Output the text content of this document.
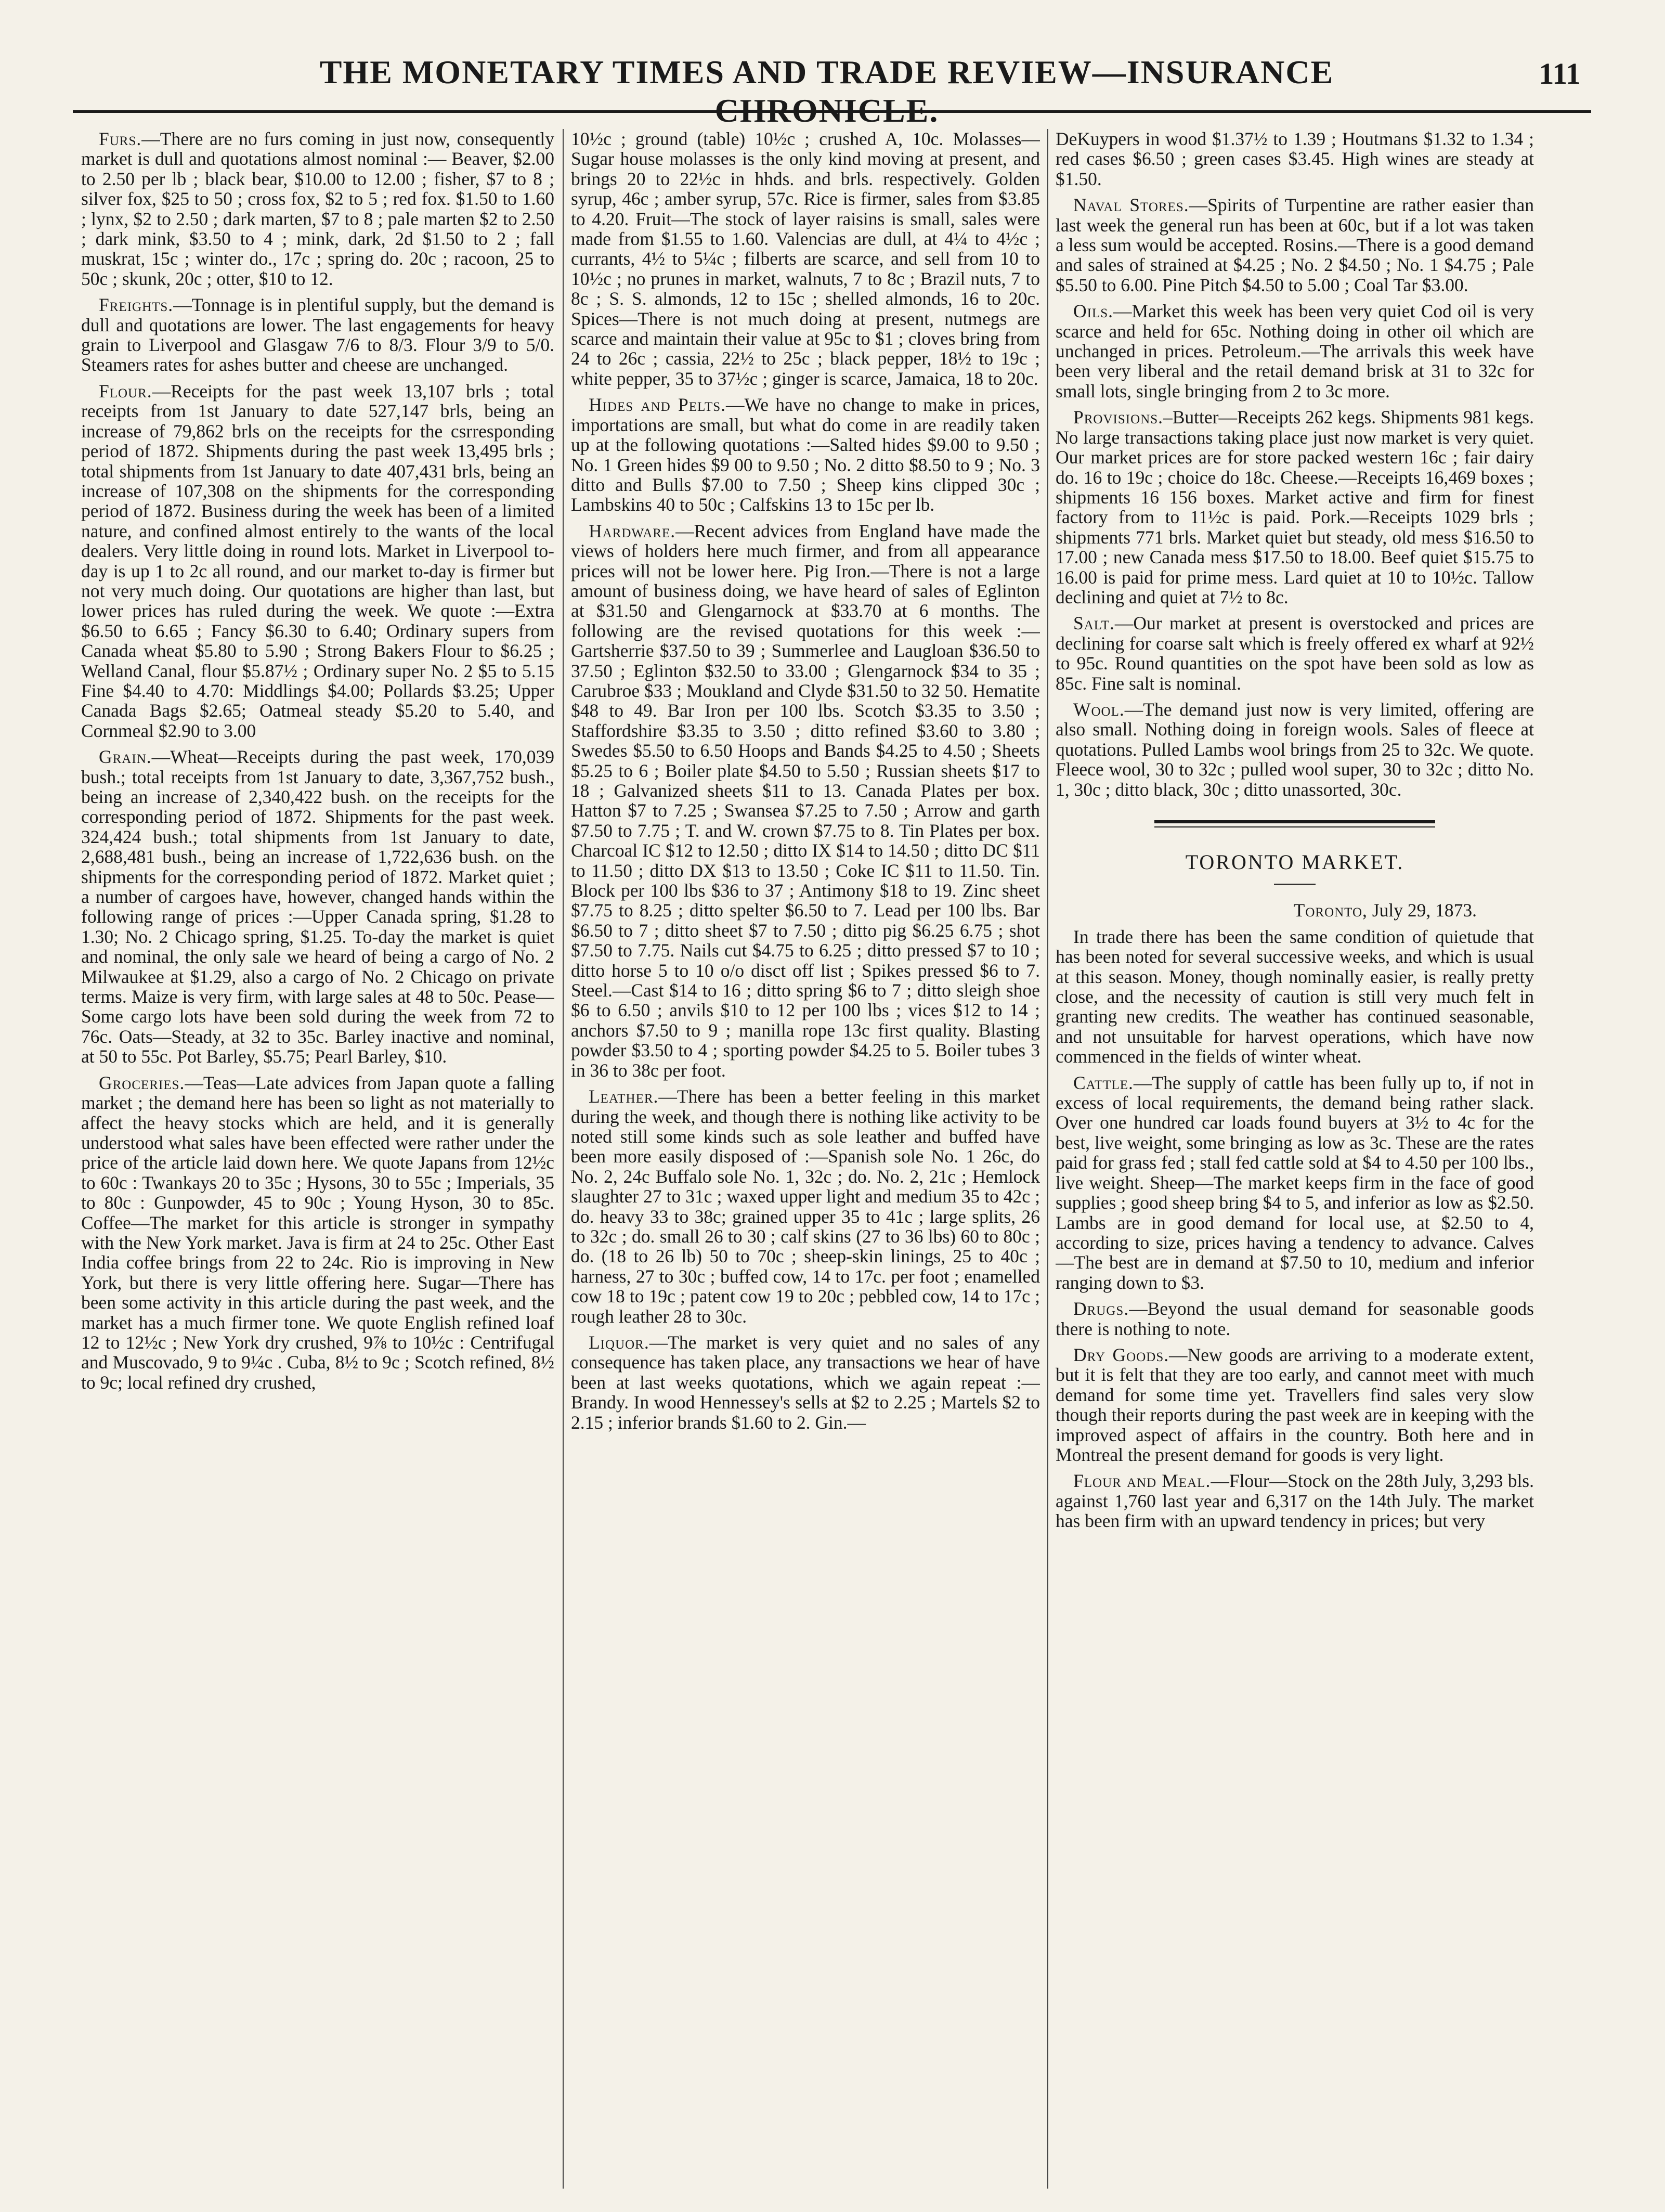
THE MONETARY TIMES AND TRADE REVIEW—INSURANCE CHRONICLE.
111

Furs.—There are no furs coming in just now, consequently market is dull and quotations almost nominal :— Beaver, $2.00 to 2.50 per lb ; black bear, $10.00 to 12.00 ; fisher, $7 to 8 ; silver fox, $25 to 50 ; cross fox, $2 to 5 ; red fox. $1.50 to 1.60 ; lynx, $2 to 2.50 ; dark marten, $7 to 8 ; pale marten $2 to 2.50 ; dark mink, $3.50 to 4 ; mink, dark, 2d $1.50 to 2 ; fall muskrat, 15c ; winter do., 17c ; spring do. 20c ; racoon, 25 to 50c ; skunk, 20c ; otter, $10 to 12.

Freights.—Tonnage is in plentiful supply, but the demand is dull and quotations are lower. The last engagements for heavy grain to Liverpool and Glasgaw 7/6 to 8/3. Flour 3/9 to 5/0. Steamers rates for ashes butter and cheese are unchanged.

Flour.—Receipts for the past week 13,107 brls ; total receipts from 1st January to date 527,147 brls, being an increase of 79,862 brls on the receipts for the csrresponding period of 1872. Shipments during the past week 13,495 brls ; total shipments from 1st January to date 407,431 brls, being an increase of 107,308 on the shipments for the corresponding period of 1872. Business during the week has been of a limited nature, and confined almost entirely to the wants of the local dealers. Very little doing in round lots. Market in Liverpool to-day is up 1 to 2c all round, and our market to-day is firmer but not very much doing. Our quotations are higher than last, but lower prices has ruled during the week. We quote :—Extra $6.50 to 6.65 ; Fancy $6.30 to 6.40; Ordinary supers from Canada wheat $5.80 to 5.90 ; Strong Bakers Flour to $6.25 ; Welland Canal, flour $5.87½ ; Ordinary super No. 2 $5 to 5.15 Fine $4.40 to 4.70: Middlings $4.00; Pollards $3.25; Upper Canada Bags $2.65; Oatmeal steady $5.20 to 5.40, and Cornmeal $2.90 to 3.00

Grain.—Wheat—Receipts during the past week, 170,039 bush.; total receipts from 1st January to date, 3,367,752 bush., being an increase of 2,340,422 bush. on the receipts for the corresponding period of 1872. Shipments for the past week. 324,424 bush.; total shipments from 1st January to date, 2,688,481 bush., being an increase of 1,722,636 bush. on the shipments for the corresponding period of 1872. Market quiet ; a number of cargoes have, however, changed hands within the following range of prices :—Upper Canada spring, $1.28 to 1.30; No. 2 Chicago spring, $1.25. To-day the market is quiet and nominal, the only sale we heard of being a cargo of No. 2 Milwaukee at $1.29, also a cargo of No. 2 Chicago on private terms. Maize is very firm, with large sales at 48 to 50c. Pease—Some cargo lots have been sold during the week from 72 to 76c. Oats—Steady, at 32 to 35c. Barley inactive and nominal, at 50 to 55c. Pot Barley, $5.75; Pearl Barley, $10.

Groceries.—Teas—Late advices from Japan quote a falling market ; the demand here has been so light as not materially to affect the heavy stocks which are held, and it is generally understood what sales have been effected were rather under the price of the article laid down here. We quote Japans from 12½c to 60c : Twankays 20 to 35c ; Hysons, 30 to 55c ; Imperials, 35 to 80c : Gunpowder, 45 to 90c ; Young Hyson, 30 to 85c. Coffee—The market for this article is stronger in sympathy with the New York market. Java is firm at 24 to 25c. Other East India coffee brings from 22 to 24c. Rio is improving in New York, but there is very little offering here. Sugar—There has been some activity in this article during the past week, and the market has a much firmer tone. We quote English refined loaf 12 to 12½c ; New York dry crushed, 9⅞ to 10½c : Centrifugal and Muscovado, 9 to 9¼c . Cuba, 8½ to 9c ; Scotch refined, 8½ to 9c; local refined dry crushed,

10½c ; ground (table) 10½c ; crushed A, 10c. Molasses—Sugar house molasses is the only kind moving at present, and brings 20 to 22½c in hhds. and brls. respectively. Golden syrup, 46c ; amber syrup, 57c. Rice is firmer, sales from $3.85 to 4.20. Fruit—The stock of layer raisins is small, sales were made from $1.55 to 1.60. Valencias are dull, at 4¼ to 4½c ; currants, 4½ to 5¼c ; filberts are scarce, and sell from 10 to 10½c ; no prunes in market, walnuts, 7 to 8c ; Brazil nuts, 7 to 8c ; S. S. almonds, 12 to 15c ; shelled almonds, 16 to 20c. Spices—There is not much doing at present, nutmegs are scarce and maintain their value at 95c to $1 ; cloves bring from 24 to 26c ; cassia, 22½ to 25c ; black pepper, 18½ to 19c ; white pepper, 35 to 37½c ; ginger is scarce, Jamaica, 18 to 20c.

Hides and Pelts.—We have no change to make in prices, importations are small, but what do come in are readily taken up at the following quotations :—Salted hides $9.00 to 9.50 ; No. 1 Green hides $9 00 to 9.50 ; No. 2 ditto $8.50 to 9 ; No. 3 ditto and Bulls $7.00 to 7.50 ; Sheep kins clipped 30c ; Lambskins 40 to 50c ; Calfskins 13 to 15c per lb.

Hardware.—Recent advices from England have made the views of holders here much firmer, and from all appearance prices will not be lower here. Pig Iron.—There is not a large amount of business doing, we have heard of sales of Eglinton at $31.50 and Glengarnock at $33.70 at 6 months. The following are the revised quotations for this week :—Gartsherrie $37.50 to 39 ; Summerlee and Laugloan $36.50 to 37.50 ; Eglinton $32.50 to 33.00 ; Glengarnock $34 to 35 ; Carubroe $33 ; Moukland and Clyde $31.50 to 32 50. Hematite $48 to 49. Bar Iron per 100 lbs. Scotch $3.35 to 3.50 ; Staffordshire $3.35 to 3.50 ; ditto refined $3.60 to 3.80 ; Swedes $5.50 to 6.50 Hoops and Bands $4.25 to 4.50 ; Sheets $5.25 to 6 ; Boiler plate $4.50 to 5.50 ; Russian sheets $17 to 18 ; Galvanized sheets $11 to 13. Canada Plates per box. Hatton $7 to 7.25 ; Swansea $7.25 to 7.50 ; Arrow and garth $7.50 to 7.75 ; T. and W. crown $7.75 to 8. Tin Plates per box. Charcoal IC $12 to 12.50 ; ditto IX $14 to 14.50 ; ditto DC $11 to 11.50 ; ditto DX $13 to 13.50 ; Coke IC $11 to 11.50. Tin. Block per 100 lbs $36 to 37 ; Antimony $18 to 19. Zinc sheet $7.75 to 8.25 ; ditto spelter $6.50 to 7. Lead per 100 lbs. Bar $6.50 to 7 ; ditto sheet $7 to 7.50 ; ditto pig $6.25 6.75 ; shot $7.50 to 7.75. Nails cut $4.75 to 6.25 ; ditto pressed $7 to 10 ; ditto horse 5 to 10 o/o disct off list ; Spikes pressed $6 to 7. Steel.—Cast $14 to 16 ; ditto spring $6 to 7 ; ditto sleigh shoe $6 to 6.50 ; anvils $10 to 12 per 100 lbs ; vices $12 to 14 ; anchors $7.50 to 9 ; manilla rope 13c first quality. Blasting powder $3.50 to 4 ; sporting powder $4.25 to 5. Boiler tubes 3 in 36 to 38c per foot.

Leather.—There has been a better feeling in this market during the week, and though there is nothing like activity to be noted still some kinds such as sole leather and buffed have been more easily disposed of :—Spanish sole No. 1 26c, do No. 2, 24c Buffalo sole No. 1, 32c ; do. No. 2, 21c ; Hemlock slaughter 27 to 31c ; waxed upper light and medium 35 to 42c ; do. heavy 33 to 38c; grained upper 35 to 41c ; large splits, 26 to 32c ; do. small 26 to 30 ; calf skins (27 to 36 lbs) 60 to 80c ; do. (18 to 26 lb) 50 to 70c ; sheep-skin linings, 25 to 40c ; harness, 27 to 30c ; buffed cow, 14 to 17c. per foot ; enamelled cow 18 to 19c ; patent cow 19 to 20c ; pebbled cow, 14 to 17c ; rough leather 28 to 30c.

Liquor.—The market is very quiet and no sales of any consequence has taken place, any transactions we hear of have been at last weeks quotations, which we again repeat :—Brandy. In wood Hennessey's sells at $2 to 2.25 ; Martels $2 to 2.15 ; inferior brands $1.60 to 2. Gin.—

DeKuypers in wood $1.37½ to 1.39 ; Houtmans $1.32 to 1.34 ; red cases $6.50 ; green cases $3.45. High wines are steady at $1.50.

Naval Stores.—Spirits of Turpentine are rather easier than last week the general run has been at 60c, but if a lot was taken a less sum would be accepted. Rosins.—There is a good demand and sales of strained at $4.25 ; No. 2 $4.50 ; No. 1 $4.75 ; Pale $5.50 to 6.00. Pine Pitch $4.50 to 5.00 ; Coal Tar $3.00.

Oils.—Market this week has been very quiet Cod oil is very scarce and held for 65c. Nothing doing in other oil which are unchanged in prices. Petroleum.—The arrivals this week have been very liberal and the retail demand brisk at 31 to 32c for small lots, single bringing from 2 to 3c more.

Provisions.–Butter—Receipts 262 kegs. Shipments 981 kegs. No large transactions taking place just now market is very quiet. Our market prices are for store packed western 16c ; fair dairy do. 16 to 19c ; choice do 18c. Cheese.—Receipts 16,469 boxes ; shipments 16 156 boxes. Market active and firm for finest factory from to 11½c is paid. Pork.—Receipts 1029 brls ; shipments 771 brls. Market quiet but steady, old mess $16.50 to 17.00 ; new Canada mess $17.50 to 18.00. Beef quiet $15.75 to 16.00 is paid for prime mess. Lard quiet at 10 to 10½c. Tallow declining and quiet at 7½ to 8c.

Salt.—Our market at present is overstocked and prices are declining for coarse salt which is freely offered ex wharf at 92½ to 95c. Round quantities on the spot have been sold as low as 85c. Fine salt is nominal.

Wool.—The demand just now is very limited, offering are also small. Nothing doing in foreign wools. Sales of fleece at quotations. Pulled Lambs wool brings from 25 to 32c. We quote. Fleece wool, 30 to 32c ; pulled wool super, 30 to 32c ; ditto No. 1, 30c ; ditto black, 30c ; ditto unassorted, 30c.

TORONTO MARKET.

Toronto, July 29, 1873.

In trade there has been the same condition of quietude that has been noted for several successive weeks, and which is usual at this season. Money, though nominally easier, is really pretty close, and the necessity of caution is still very much felt in granting new credits. The weather has continued seasonable, and not unsuitable for harvest operations, which have now commenced in the fields of winter wheat.

Cattle.—The supply of cattle has been fully up to, if not in excess of local requirements, the demand being rather slack. Over one hundred car loads found buyers at 3½ to 4c for the best, live weight, some bringing as low as 3c. These are the rates paid for grass fed ; stall fed cattle sold at $4 to 4.50 per 100 lbs., live weight. Sheep—The market keeps firm in the face of good supplies ; good sheep bring $4 to 5, and inferior as low as $2.50. Lambs are in good demand for local use, at $2.50 to 4, according to size, prices having a tendency to advance. Calves—The best are in demand at $7.50 to 10, medium and inferior ranging down to $3.

Drugs.—Beyond the usual demand for seasonable goods there is nothing to note.

Dry Goods.—New goods are arriving to a moderate extent, but it is felt that they are too early, and cannot meet with much demand for some time yet. Travellers find sales very slow though their reports during the past week are in keeping with the improved aspect of affairs in the country. Both here and in Montreal the present demand for goods is very light.

Flour and Meal.—Flour—Stock on the 28th July, 3,293 bls. against 1,760 last year and 6,317 on the 14th July. The market has been firm with an upward tendency in prices; but very
